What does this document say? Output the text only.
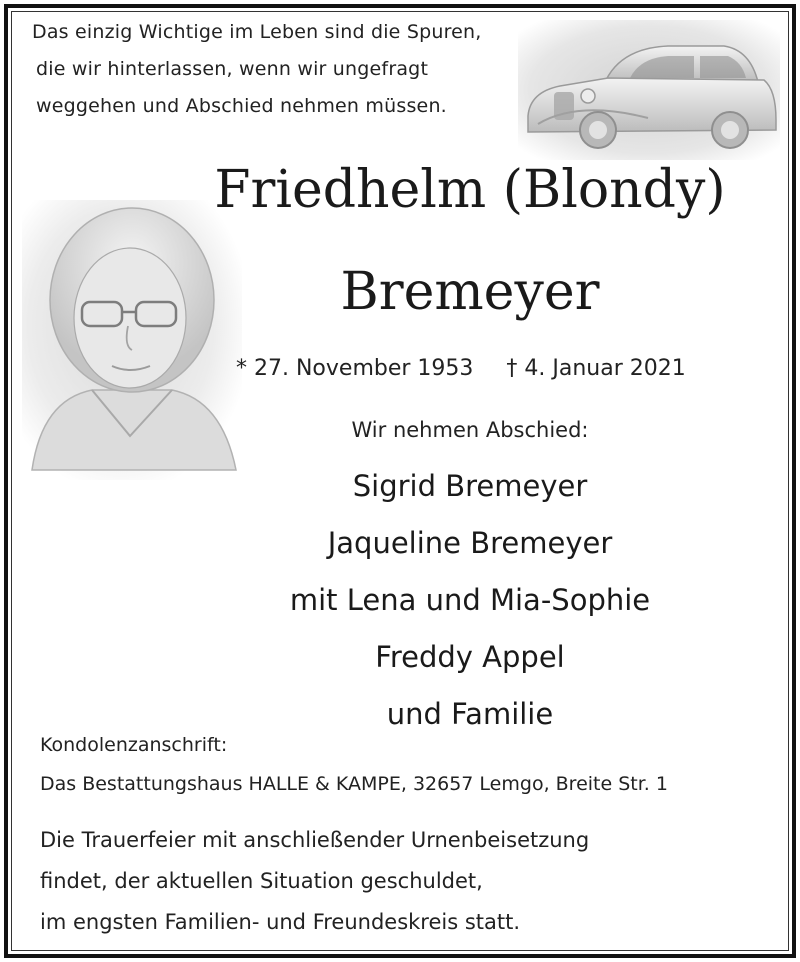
Das einzig Wichtige im Leben sind die Spuren,
die wir hinterlassen, wenn wir ungefragt
weggehen und Abschied nehmen müssen.
Friedhelm (Blondy)
Bremeyer
* 27. November 1953 † 4. Januar 2021
Wir nehmen Abschied:
Sigrid Bremeyer
Jaqueline Bremeyer
mit Lena und Mia-Sophie
Freddy Appel
und Familie
Kondolenzanschrift:
Das Bestattungshaus HALLE & KAMPE, 32657 Lemgo, Breite Str. 1
Die Trauerfeier mit anschließender Urnenbeisetzung
findet, der aktuellen Situation geschuldet,
im engsten Familien- und Freundeskreis statt.
